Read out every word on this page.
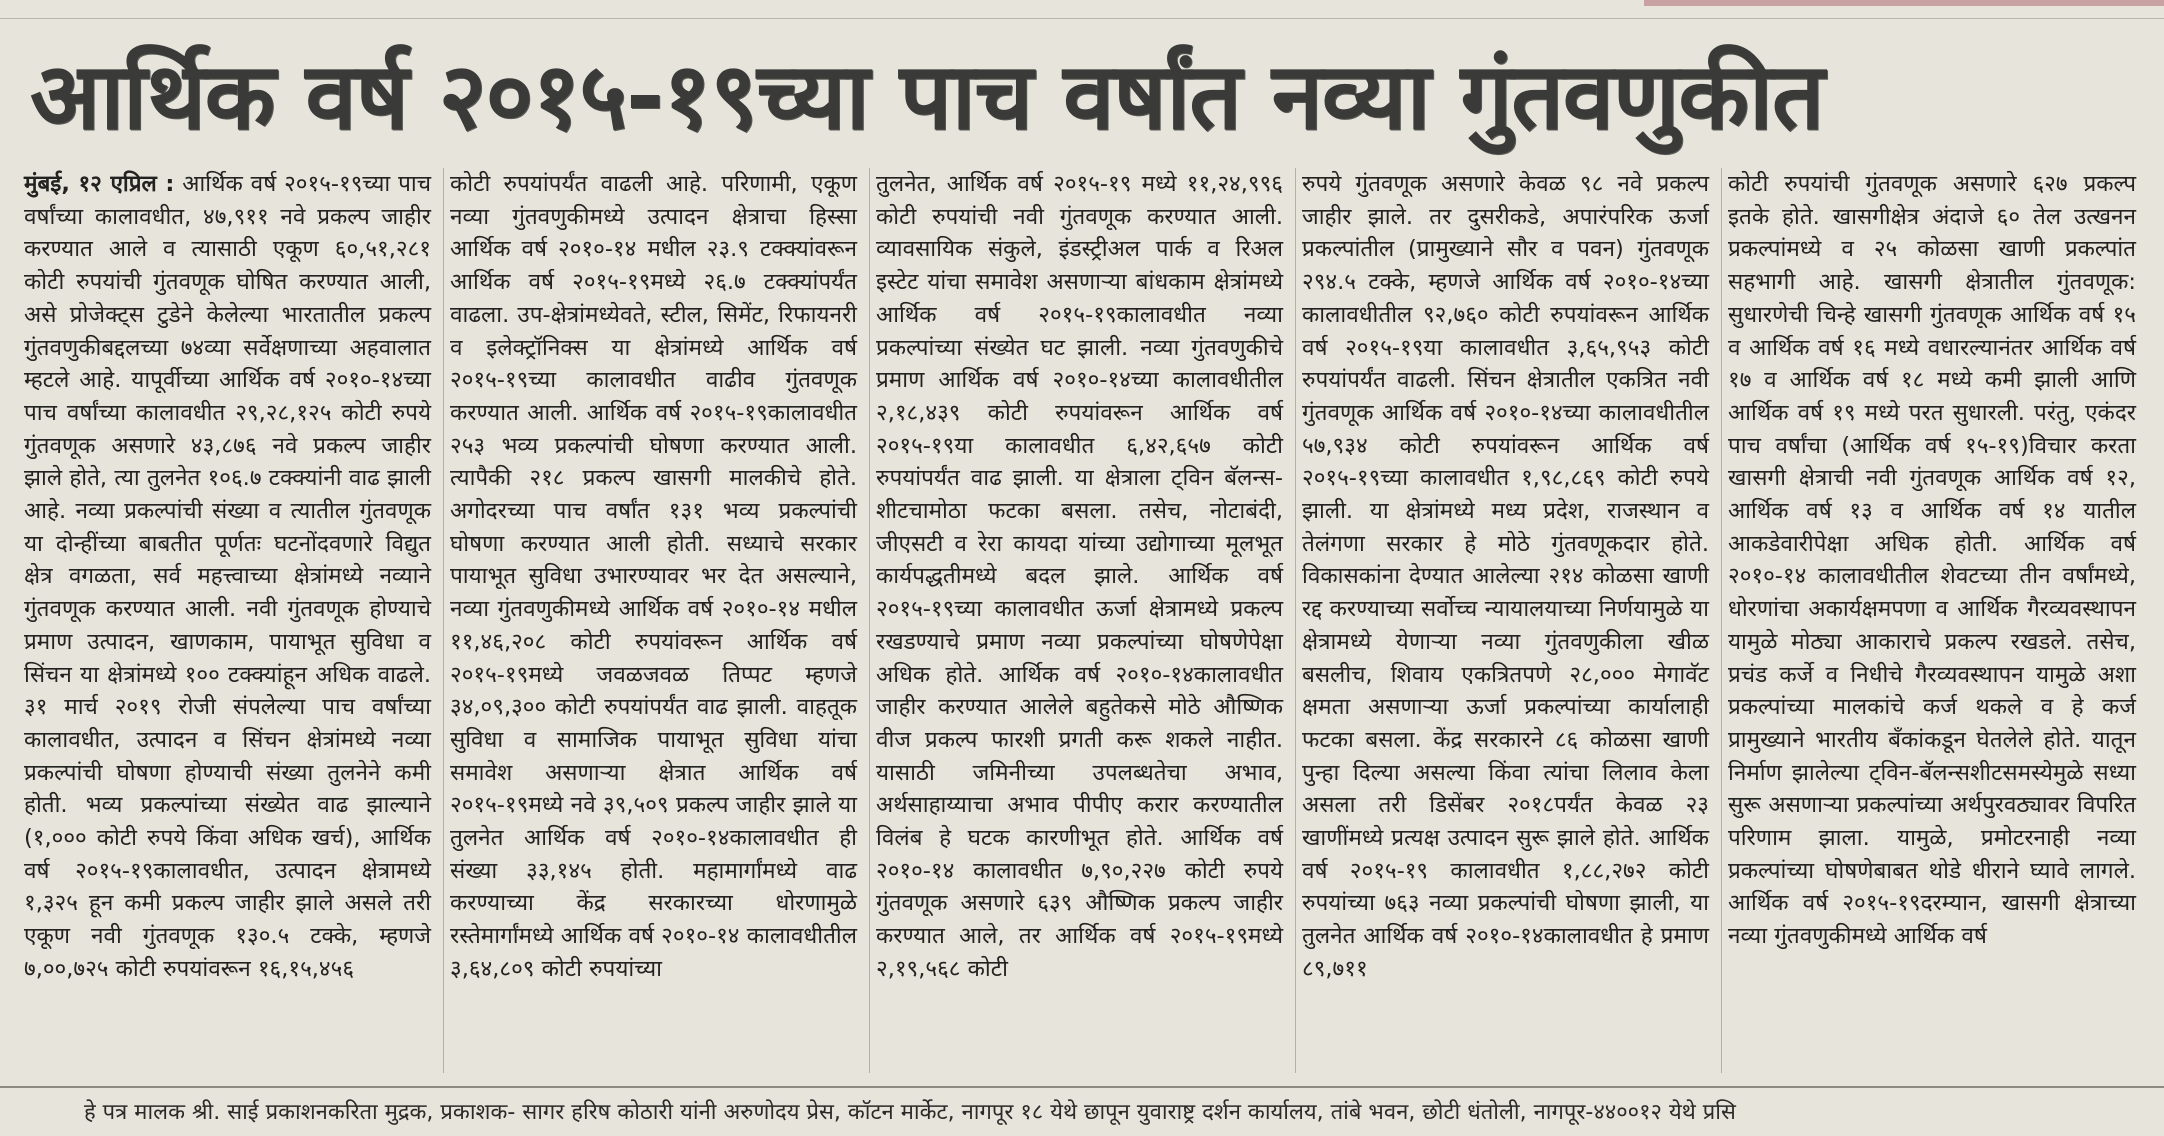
आर्थिक वर्ष २०१५-१९च्या पाच वर्षांत नव्या गुंतवणुकीत

मुंबई, १२ एप्रिल : आर्थिक वर्ष २०१५-१९च्या पाच वर्षांच्या कालावधीत, ४७,९११ नवे प्रकल्प जाहीर करण्यात आले व त्यासाठी एकूण ६०,५१,२८१ कोटी रुपयांची गुंतवणूक घोषित करण्यात आली, असे प्रोजेक्ट्स टुडेने केलेल्या भारतातील प्रकल्प गुंतवणुकीबद्दलच्या ७४व्या सर्वेक्षणाच्या अहवालात म्हटले आहे. यापूर्वीच्या आर्थिक वर्ष २०१०-१४च्या पाच वर्षांच्या कालावधीत २९,२८,१२५ कोटी रुपये गुंतवणूक असणारे ४३,८७६ नवे प्रकल्प जाहीर झाले होते, त्या तुलनेत १०६.७ टक्क्यांनी वाढ झाली आहे. नव्या प्रकल्पांची संख्या व त्यातील गुंतवणूक या दोन्हींच्या बाबतीत पूर्णतः घटनोंदवणारे विद्युत क्षेत्र वगळता, सर्व महत्त्वाच्या क्षेत्रांमध्ये नव्याने गुंतवणूक करण्यात आली. नवी गुंतवणूक होण्याचे प्रमाण उत्पादन, खाणकाम, पायाभूत सुविधा व सिंचन या क्षेत्रांमध्ये १०० टक्क्यांहून अधिक वाढले. ३१ मार्च २०१९ रोजी संपलेल्या पाच वर्षांच्या कालावधीत, उत्पादन व सिंचन क्षेत्रांमध्ये नव्या प्रकल्पांची घोषणा होण्याची संख्या तुलनेने कमी होती. भव्य प्रकल्पांच्या संख्येत वाढ झाल्याने (१,००० कोटी रुपये किंवा अधिक खर्च), आर्थिक वर्ष २०१५-१९कालावधीत, उत्पादन क्षेत्रामध्ये १,३२५ हून कमी प्रकल्प जाहीर झाले असले तरी एकूण नवी गुंतवणूक १३०.५ टक्के, म्हणजे ७,००,७२५ कोटी रुपयांवरून १६,१५,४५६

कोटी रुपयांपर्यंत वाढली आहे. परिणामी, एकूण नव्या गुंतवणुकीमध्ये उत्पादन क्षेत्राचा हिस्सा आर्थिक वर्ष २०१०-१४ मधील २३.९ टक्क्यांवरून आर्थिक वर्ष २०१५-१९मध्ये २६.७ टक्क्यांपर्यंत वाढला. उप-क्षेत्रांमध्येवते, स्टील, सिमेंट, रिफायनरी व इलेक्ट्रॉनिक्स या क्षेत्रांमध्ये आर्थिक वर्ष २०१५-१९च्या कालावधीत वाढीव गुंतवणूक करण्यात आली. आर्थिक वर्ष २०१५-१९कालावधीत २५३ भव्य प्रकल्पांची घोषणा करण्यात आली. त्यापैकी २१८ प्रकल्प खासगी मालकीचे होते. अगोदरच्या पाच वर्षांत १३१ भव्य प्रकल्पांची घोषणा करण्यात आली होती. सध्याचे सरकार पायाभूत सुविधा उभारण्यावर भर देत असल्याने, नव्या गुंतवणुकीमध्ये आर्थिक वर्ष २०१०-१४ मधील ११,४६,२०८ कोटी रुपयांवरून आर्थिक वर्ष २०१५-१९मध्ये जवळजवळ तिप्पट म्हणजे ३४,०९,३०० कोटी रुपयांपर्यंत वाढ झाली. वाहतूक सुविधा व सामाजिक पायाभूत सुविधा यांचा समावेश असणाऱ्या क्षेत्रात आर्थिक वर्ष २०१५-१९मध्ये नवे ३९,५०९ प्रकल्प जाहीर झाले या तुलनेत आर्थिक वर्ष २०१०-१४कालावधीत ही संख्या ३३,१४५ होती. महामार्गांमध्ये वाढ करण्याच्या केंद्र सरकारच्या धोरणामुळे रस्तेमार्गांमध्ये आर्थिक वर्ष २०१०-१४ कालावधीतील ३,६४,८०९ कोटी रुपयांच्या

तुलनेत, आर्थिक वर्ष २०१५-१९ मध्ये ११,२४,९९६ कोटी रुपयांची नवी गुंतवणूक करण्यात आली. व्यावसायिक संकुले, इंडस्ट्रीअल पार्क व रिअल इस्टेट यांचा समावेश असणाऱ्या बांधकाम क्षेत्रांमध्ये आर्थिक वर्ष २०१५-१९कालावधीत नव्या प्रकल्पांच्या संख्येत घट झाली. नव्या गुंतवणुकीचे प्रमाण आर्थिक वर्ष २०१०-१४च्या कालावधीतील २,१८,४३९ कोटी रुपयांवरून आर्थिक वर्ष २०१५-१९या कालावधीत ६,४२,६५७ कोटी रुपयांपर्यंत वाढ झाली. या क्षेत्राला ट्विन बॅलन्स-शीटचामोठा फटका बसला. तसेच, नोटाबंदी, जीएसटी व रेरा कायदा यांच्या उद्योगाच्या मूलभूत कार्यपद्धतीमध्ये बदल झाले. आर्थिक वर्ष २०१५-१९च्या कालावधीत ऊर्जा क्षेत्रामध्ये प्रकल्प रखडण्याचे प्रमाण नव्या प्रकल्पांच्या घोषणेपेक्षा अधिक होते. आर्थिक वर्ष २०१०-१४कालावधीत जाहीर करण्यात आलेले बहुतेकसे मोठे औष्णिक वीज प्रकल्प फारशी प्रगती करू शकले नाहीत. यासाठी जमिनीच्या उपलब्धतेचा अभाव, अर्थसाहाय्याचा अभाव पीपीए करार करण्यातील विलंब हे घटक कारणीभूत होते. आर्थिक वर्ष २०१०-१४ कालावधीत ७,९०,२२७ कोटी रुपये गुंतवणूक असणारे ६३९ औष्णिक प्रकल्प जाहीर करण्यात आले, तर आर्थिक वर्ष २०१५-१९मध्ये २,१९,५६८ कोटी

रुपये गुंतवणूक असणारे केवळ ९८ नवे प्रकल्प जाहीर झाले. तर दुसरीकडे, अपारंपरिक ऊर्जा प्रकल्पांतील (प्रामुख्याने सौर व पवन) गुंतवणूक २९४.५ टक्के, म्हणजे आर्थिक वर्ष २०१०-१४च्या कालावधीतील ९२,७६० कोटी रुपयांवरून आर्थिक वर्ष २०१५-१९या कालावधीत ३,६५,९५३ कोटी रुपयांपर्यंत वाढली. सिंचन क्षेत्रातील एकत्रित नवी गुंतवणूक आर्थिक वर्ष २०१०-१४च्या कालावधीतील ५७,९३४ कोटी रुपयांवरून आर्थिक वर्ष २०१५-१९च्या कालावधीत १,९८,८६९ कोटी रुपये झाली. या क्षेत्रांमध्ये मध्य प्रदेश, राजस्थान व तेलंगणा सरकार हे मोठे गुंतवणूकदार होते. विकासकांना देण्यात आलेल्या २१४ कोळसा खाणी रद्द करण्याच्या सर्वोच्च न्यायालयाच्या निर्णयामुळे या क्षेत्रामध्ये येणाऱ्या नव्या गुंतवणुकीला खीळ बसलीच, शिवाय एकत्रितपणे २८,००० मेगावॅट क्षमता असणाऱ्या ऊर्जा प्रकल्पांच्या कार्यालाही फटका बसला. केंद्र सरकारने ८६ कोळसा खाणी पुन्हा दिल्या असल्या किंवा त्यांचा लिलाव केला असला तरी डिसेंबर २०१८पर्यंत केवळ २३ खाणींमध्ये प्रत्यक्ष उत्पादन सुरू झाले होते. आर्थिक वर्ष २०१५-१९ कालावधीत १,८८,२७२ कोटी रुपयांच्या ७६३ नव्या प्रकल्पांची घोषणा झाली, या तुलनेत आर्थिक वर्ष २०१०-१४कालावधीत हे प्रमाण ८९,७११

कोटी रुपयांची गुंतवणूक असणारे ६२७ प्रकल्प इतके होते. खासगीक्षेत्र अंदाजे ६० तेल उत्खनन प्रकल्पांमध्ये व २५ कोळसा खाणी प्रकल्पांत सहभागी आहे. खासगी क्षेत्रातील गुंतवणूक: सुधारणेची चिन्हे खासगी गुंतवणूक आर्थिक वर्ष १५ व आर्थिक वर्ष १६ मध्ये वधारल्यानंतर आर्थिक वर्ष १७ व आर्थिक वर्ष १८ मध्ये कमी झाली आणि आर्थिक वर्ष १९ मध्ये परत सुधारली. परंतु, एकंदर पाच वर्षांचा (आर्थिक वर्ष १५-१९)विचार करता खासगी क्षेत्राची नवी गुंतवणूक आर्थिक वर्ष १२, आर्थिक वर्ष १३ व आर्थिक वर्ष १४ यातील आकडेवारीपेक्षा अधिक होती. आर्थिक वर्ष २०१०-१४ कालावधीतील शेवटच्या तीन वर्षांमध्ये, धोरणांचा अकार्यक्षमपणा व आर्थिक गैरव्यवस्थापन यामुळे मोठ्या आकाराचे प्रकल्प रखडले. तसेच, प्रचंड कर्जे व निधीचे गैरव्यवस्थापन यामुळे अशा प्रकल्पांच्या मालकांचे कर्ज थकले व हे कर्ज प्रामुख्याने भारतीय बँकांकडून घेतलेले होते. यातून निर्माण झालेल्या ट्विन-बॅलन्सशीटसमस्येमुळे सध्या सुरू असणाऱ्या प्रकल्पांच्या अर्थपुरवठ्यावर विपरित परिणाम झाला. यामुळे, प्रमोटरनाही नव्या प्रकल्पांच्या घोषणेबाबत थोडे धीराने घ्यावे लागले. आर्थिक वर्ष २०१५-१९दरम्यान, खासगी क्षेत्राच्या नव्या गुंतवणुकीमध्ये आर्थिक वर्ष

हे पत्र मालक श्री. साई प्रकाशनकरिता मुद्रक, प्रकाशक- सागर हरिष कोठारी यांनी अरुणोदय प्रेस, कॉटन मार्केट, नागपूर १८ येथे छापून युवाराष्ट्र दर्शन कार्यालय, तांबे भवन, छोटी धंतोली, नागपूर-४४००१२ येथे प्रसि
